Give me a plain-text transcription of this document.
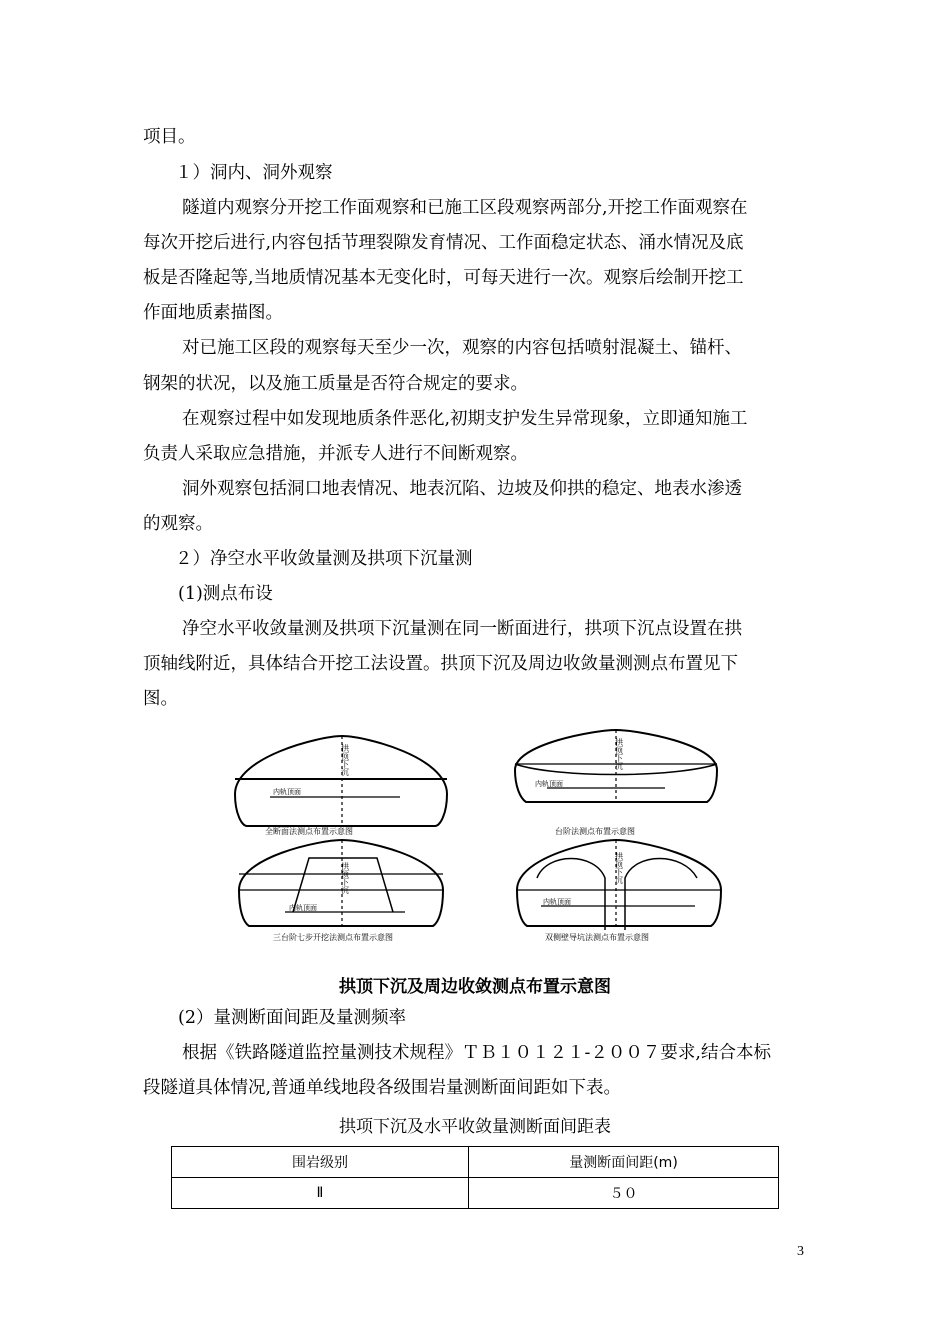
项目。
１）洞内、洞外观察
隧道内观察分开挖工作面观察和已施工区段观察两部分,开挖工作面观察在
每次开挖后进行,内容包括节理裂隙发育情况、工作面稳定状态、涌水情况及底
板是否隆起等,当地质情况基本无变化时，可每天进行一次。观察后绘制开挖工
作面地质素描图。
对已施工区段的观察每天至少一次，观察的内容包括喷射混凝土、锚杆、
钢架的状况，以及施工质量是否符合规定的要求。
在观察过程中如发现地质条件恶化,初期支护发生异常现象，立即通知施工
负责人采取应急措施，并派专人进行不间断观察。
洞外观察包括洞口地表情况、地表沉陷、边坡及仰拱的稳定、地表水渗透
的观察。
２）净空水平收敛量测及拱项下沉量测
(1)测点布设
净空水平收敛量测及拱项下沉量测在同一断面进行，拱项下沉点设置在拱
顶轴线附近，具体结合开挖工法设置。拱顶下沉及周边收敛量测测点布置见下
图。
内轨顶面
内轨顶面
内轨顶面
内轨顶面
拱顶下沉	拱顶下沉
拱顶下沉	拱顶下沉
全断面法测点布置示意图	台阶法测点布置示意图
三台阶七步开挖法测点布置示意图	双侧壁导坑法测点布置示意图
拱顶下沉及周边收敛测点布置示意图
(2）量测断面间距及量测频率
根据《铁路隧道监控量测技术规程》ＴＢ１０１２１-２００７要求,结合本标
段隧道具体情况,普通单线地段各级围岩量测断面间距如下表。
拱项下沉及水平收敛量测断面间距表
围岩级别	量测断面间距(m)
Ⅱ	５０
3
